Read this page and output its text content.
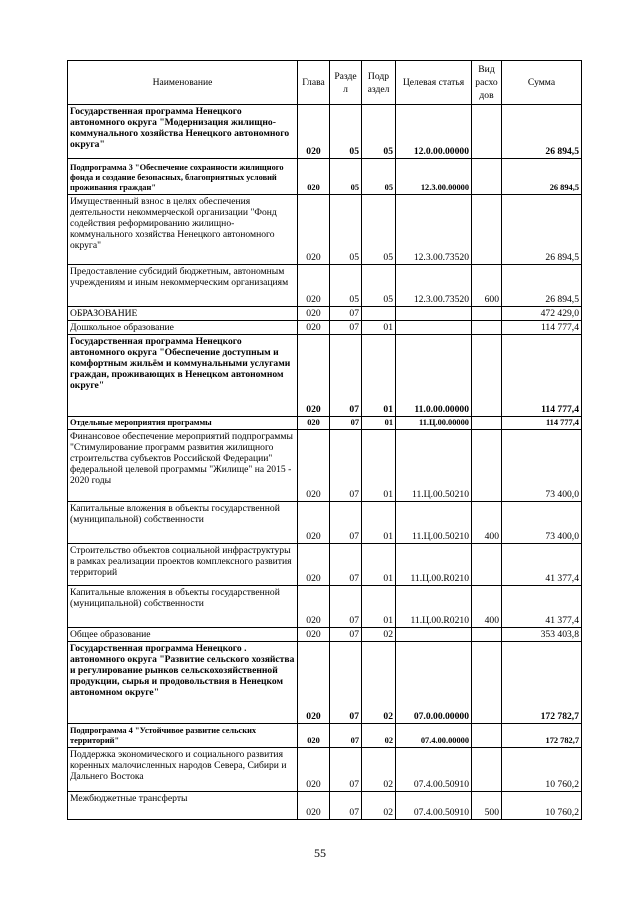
Наименование	Глава	Разде л	Подр аздел	Целевая статья	Вид расхо дов	Сумма
Государственная программа Ненецкого автономного округа "Модернизация жилищно-коммунального хозяйства Ненецкого автономного округа"	020	05	05	12.0.00.00000		26 894,5
Подпрограмма 3 "Обеспечение сохранности жилищного фонда и создание безопасных, благоприятных условий проживания граждан"	020	05	05	12.3.00.00000		26 894,5
Имущественный взнос в целях обеспечения деятельности некоммерческой организации "Фонд содействия реформированию жилищно-коммунального хозяйства Ненецкого автономного округа"	020	05	05	12.3.00.73520		26 894,5
Предоставление субсидий бюджетным, автономным учреждениям и иным некоммерческим организациям	020	05	05	12.3.00.73520	600	26 894,5
ОБРАЗОВАНИЕ	020	07				472 429,0
Дошкольное образование	020	07	01			114 777,4
Государственная программа Ненецкого автономного округа "Обеспечение доступным и комфортным жильём и коммунальными услугами граждан, проживающих в Ненецком автономном округе"	020	07	01	11.0.00.00000		114 777,4
Отдельные мероприятия программы	020	07	01	11.Ц.00.00000		114 777,4
Финансовое обеспечение мероприятий подпрограммы "Стимулирование программ развития жилищного строительства субъектов Российской Федерации" федеральной целевой программы "Жилище" на 2015 - 2020 годы	020	07	01	11.Ц.00.50210		73 400,0
Капитальные вложения в объекты государственной (муниципальной) собственности	020	07	01	11.Ц.00.50210	400	73 400,0
Строительство объектов социальной инфраструктуры в рамках реализации проектов комплексного развития территорий	020	07	01	11.Ц.00.R0210		41 377,4
Капитальные вложения в объекты государственной (муниципальной) собственности	020	07	01	11.Ц.00.R0210	400	41 377,4
Общее образование	020	07	02			353 403,8
Государственная программа Ненецкого . автономного округа "Развитие сельского хозяйства и регулирование рынков сельскохозяйственной продукции, сырья и продовольствия в Ненецком автономном округе"	020	07	02	07.0.00.00000		172 782,7
Подпрограмма 4 "Устойчивое развитие сельских территорий"	020	07	02	07.4.00.00000		172 782,7
Поддержка экономического и социального развития коренных малочисленных народов Севера, Сибири и Дальнего Востока	020	07	02	07.4.00.50910		10 760,2
Межбюджетные трансферты	020	07	02	07.4.00.50910	500	10 760,2
55
